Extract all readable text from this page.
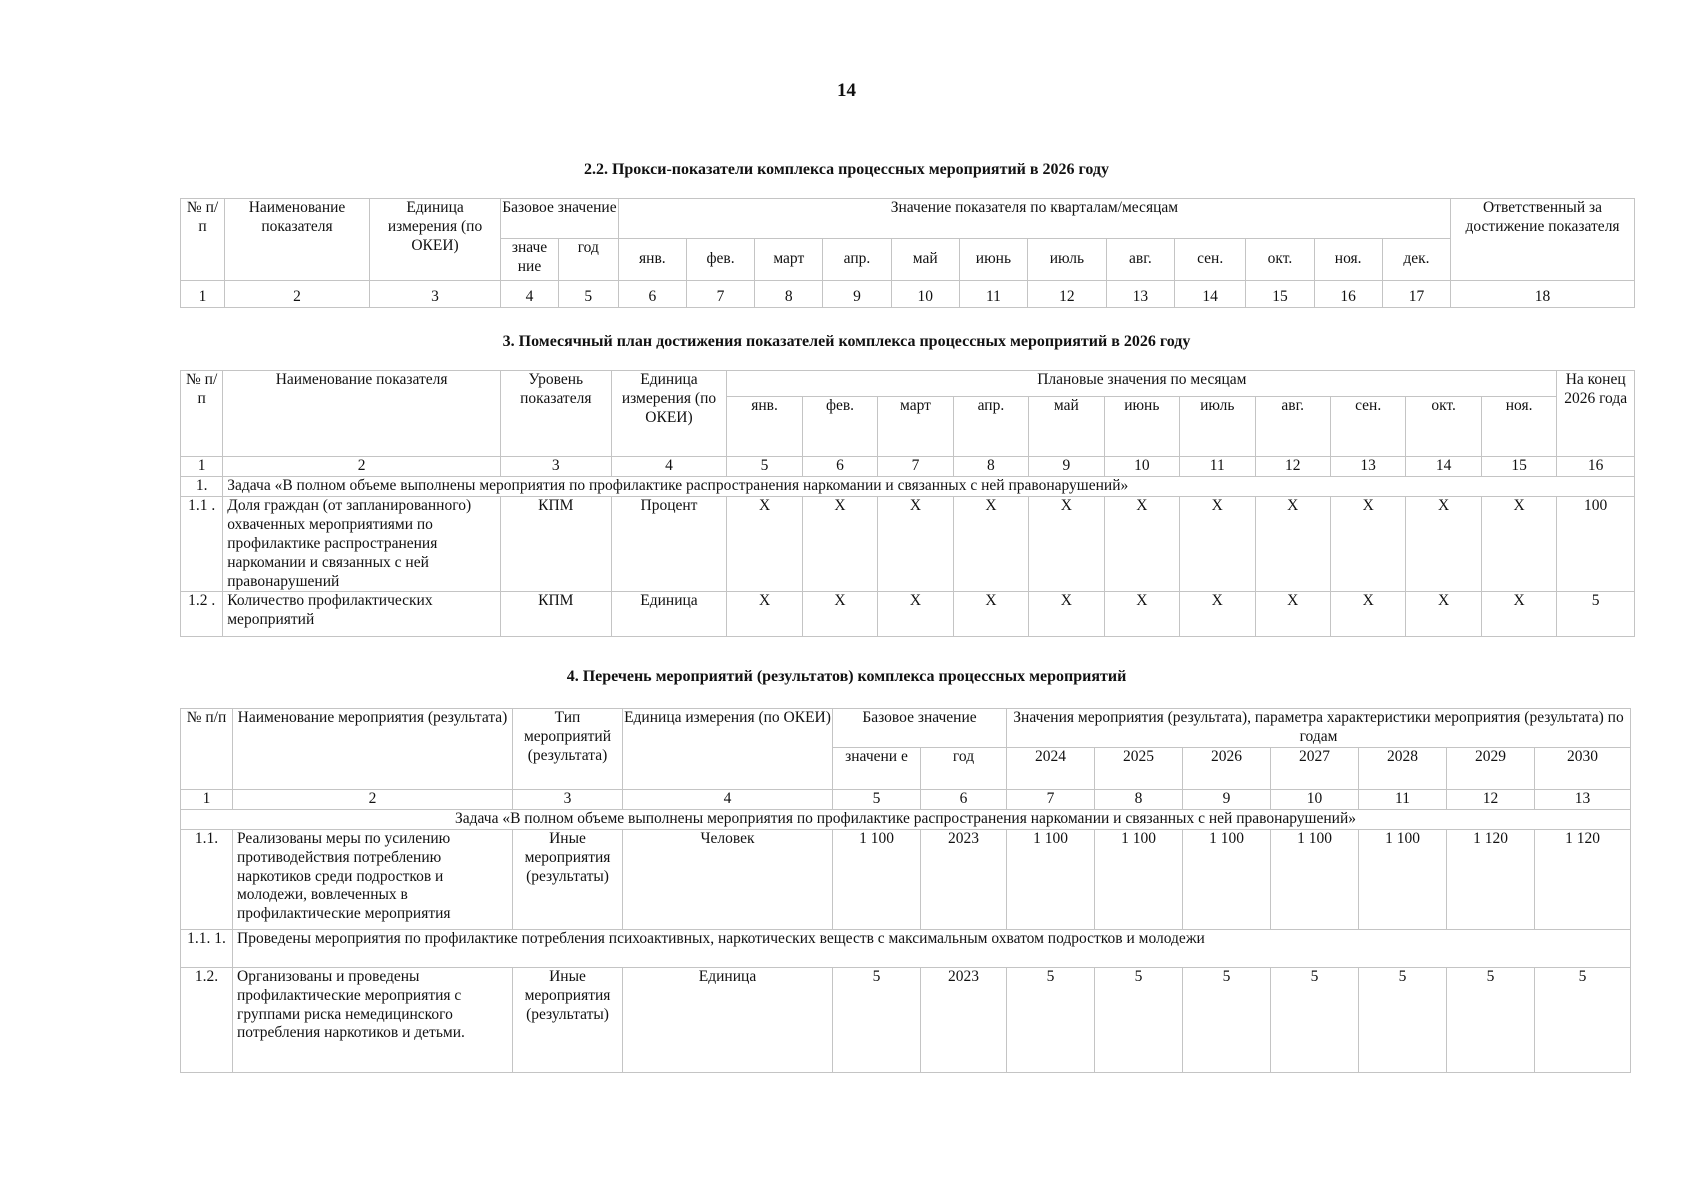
14
2.2. Прокси-показатели комплекса процессных мероприятий в 2026 году
№ п/ п	Наименование показателя	Единица измерения (по ОКЕИ)	Базовое значение		Значение показателя по кварталам/месяцам												Ответственный за достижение показателя
			значе ние	год	янв.	фев.	март	апр.	май	июнь	июль	авг.	сен.	окт.	ноя.	дек.	
1	2	3	4	5	6	7	8	9	10	11	12	13	14	15	16	17	18
3. Помесячный план достижения показателей комплекса процессных мероприятий в 2026 году
№ п/ п	Наименование показателя	Уровень показателя	Единица измерения (по ОКЕИ)	Плановые значения по месяцам											На конец 2026 года
				янв.	фев.	март	апр.	май	июнь	июль	авг.	сен.	окт.	ноя.	
1	2	3	4	5	6	7	8	9	10	11	12	13	14	15	16
1.	Задача «В полном объеме выполнены мероприятия по профилактике распространения наркомании и связанных с ней правонарушений»														
1.1 .	Доля граждан (от запланированного) охваченных мероприятиями по профилактике распространения наркомании и связанных с ней правонарушений	КПМ	Процент	X	X	X	X	X	X	X	X	X	X	X	100
1.2 .	Количество профилактических мероприятий	КПМ	Единица	X	X	X	X	X	X	X	X	X	X	X	5
4. Перечень мероприятий (результатов) комплекса процессных мероприятий
№ п/п	Наименование мероприятия (результата)	Тип мероприятий (результата)	Единица измерения (по ОКЕИ)	Базовое значение		Значения мероприятия (результата), параметра характеристики мероприятия (результата) по годам						
				значени е	год	2024	2025	2026	2027	2028	2029	2030
1	2	3	4	5	6	7	8	9	10	11	12	13
Задача «В полном объеме выполнены мероприятия по профилактике распространения наркомании и связанных с ней правонарушений»												
1.1.	Реализованы меры по усилению противодействия потреблению наркотиков среди подростков и молодежи, вовлеченных в профилактические мероприятия	Иные мероприятия (результаты)	Человек	1 100	2023	1 100	1 100	1 100	1 100	1 100	1 120	1 120
1.1. 1.	Проведены мероприятия по профилактике потребления психоактивных, наркотических веществ с максимальным охватом подростков и молодежи											
1.2.	Организованы и проведены профилактические мероприятия с группами риска немедицинского потребления наркотиков и детьми.	Иные мероприятия (результаты)	Единица	5	2023	5	5	5	5	5	5	5
